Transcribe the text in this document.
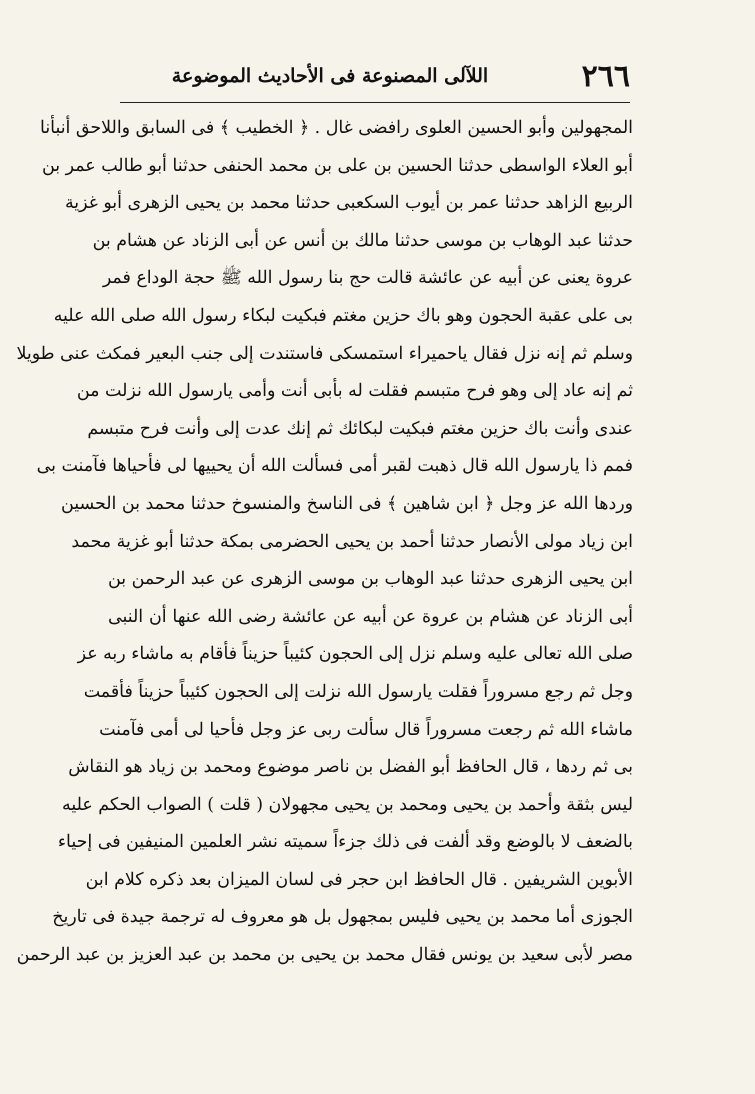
٢٦٦
اللآلى المصنوعة فى الأحاديث الموضوعة
المجهولين وأبو الحسين العلوى رافضى غال . ﴿ الخطيب ﴾ فى السابق واللاحق أنبأنا
أبو العلاء الواسطى حدثنا الحسين بن على بن محمد الحنفى حدثنا أبو طالب عمر بن
الربيع الزاهد حدثنا عمر بن أيوب السكعبى حدثنا محمد بن يحيى الزهرى أبو غزية
حدثنا عبد الوهاب بن موسى حدثنا مالك بن أنس عن أبى الزناد عن هشام بن
عروة يعنى عن أبيه عن عائشة قالت حج بنا رسول الله ﷺ حجة الوداع فمر
بى على عقبة الحجون وهو باك حزين مغتم فبكيت لبكاء رسول الله صلى الله عليه
وسلم ثم إنه نزل فقال ياحميراء استمسكى فاستندت إلى جنب البعير فمكث عنى طويلا
ثم إنه عاد إلى وهو فرح متبسم فقلت له بأبى أنت وأمى يارسول الله نزلت من
عندى وأنت باك حزين مغتم فبكيت لبكائك ثم إنك عدت إلى وأنت فرح متبسم
فمم ذا يارسول الله قال ذهبت لقبر أمى فسألت الله أن يحييها لى فأحياها فآمنت بى
وردها الله عز وجل ﴿ ابن شاهين ﴾ فى الناسخ والمنسوخ حدثنا محمد بن الحسين
ابن زياد مولى الأنصار حدثنا أحمد بن يحيى الحضرمى بمكة حدثنا أبو غزية محمد
ابن يحيى الزهرى حدثنا عبد الوهاب بن موسى الزهرى عن عبد الرحمن بن
أبى الزناد عن هشام بن عروة عن أبيه عن عائشة رضى الله عنها أن النبى
صلى الله تعالى عليه وسلم نزل إلى الحجون كئيباً حزيناً فأقام به ماشاء ربه عز
وجل ثم رجع مسروراً فقلت يارسول الله نزلت إلى الحجون كئيباً حزيناً فأقمت
ماشاء الله ثم رجعت مسروراً قال سألت ربى عز وجل فأحيا لى أمى فآمنت
بى ثم ردها ، قال الحافظ أبو الفضل بن ناصر موضوع ومحمد بن زياد هو النقاش
ليس بثقة وأحمد بن يحيى ومحمد بن يحيى مجهولان ( قلت ) الصواب الحكم عليه
بالضعف لا بالوضع وقد ألفت فى ذلك جزءاً سميته نشر العلمين المنيفين فى إحياء
الأبوين الشريفين . قال الحافظ ابن حجر فى لسان الميزان بعد ذكره كلام ابن
الجوزى أما محمد بن يحيى فليس بمجهول بل هو معروف له ترجمة جيدة فى تاريخ
مصر لأبى سعيد بن يونس فقال محمد بن يحيى بن محمد بن عبد العزيز بن عبد الرحمن
